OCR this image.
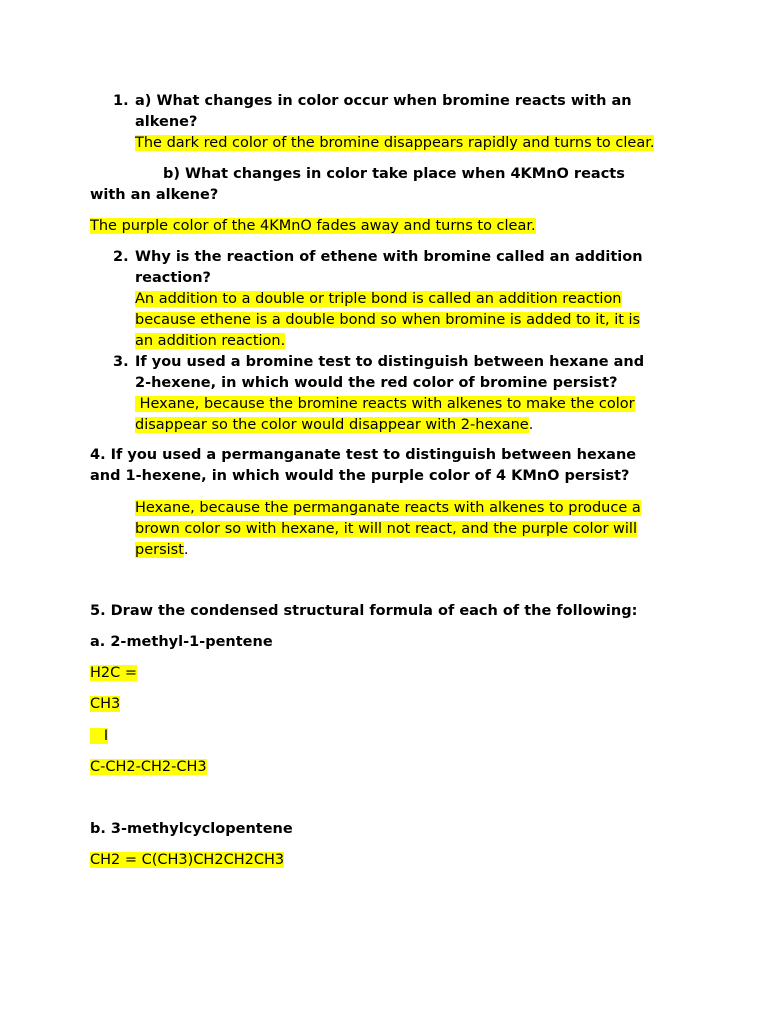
1. a) What changes in color occur when bromine reacts with an
alkene?
The dark red color of the bromine disappears rapidly and turns to clear.
b) What changes in color take place when 4KMnO reacts
with an alkene?
The purple color of the 4KMnO fades away and turns to clear.
2. Why is the reaction of ethene with bromine called an addition
reaction?
An addition to a double or triple bond is called an addition reaction
because ethene is a double bond so when bromine is added to it, it is
an addition reaction.
3. If you used a bromine test to distinguish between hexane and
2-hexene, in which would the red color of bromine persist?
Hexane, because the bromine reacts with alkenes to make the color
disappear so the color would disappear with 2-hexane.
4. If you used a permanganate test to distinguish between hexane
and 1-hexene, in which would the purple color of 4 KMnO persist?
Hexane, because the permanganate reacts with alkenes to produce a
brown color so with hexane, it will not react, and the purple color will
persist.
5. Draw the condensed structural formula of each of the following:
a. 2-methyl-1-pentene
H2C =
CH3
I
C-CH2-CH2-CH3
b. 3-methylcyclopentene
CH2 = C(CH3)CH2CH2CH3
